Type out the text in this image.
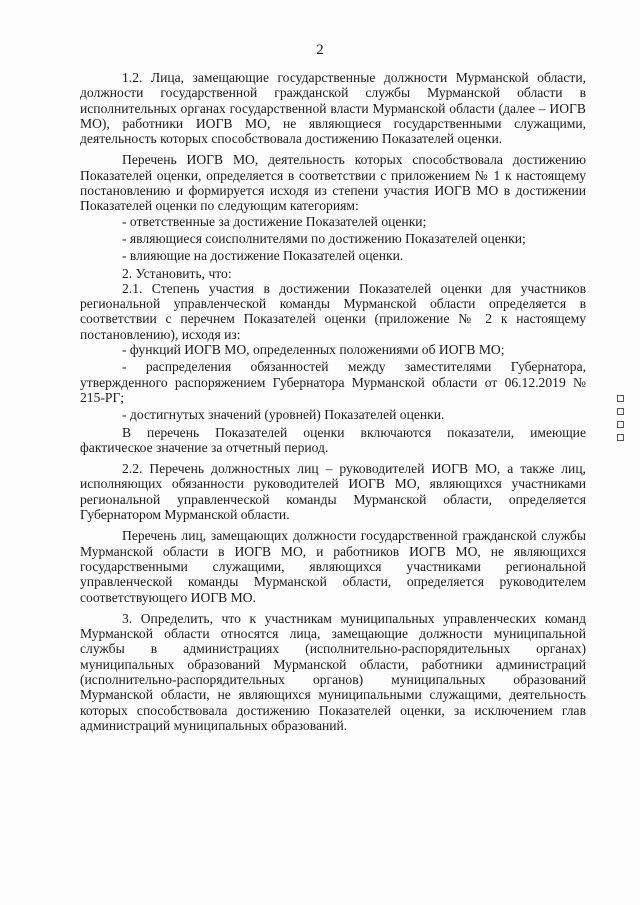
2

1.2. Лица, замещающие государственные должности Мурманской области, должности государственной гражданской службы Мурманской области в исполнительных органах государственной власти Мурманской области (далее – ИОГВ МО), работники ИОГВ МО, не являющиеся государственными служащими, деятельность которых способствовала достижению Показателей оценки.

Перечень ИОГВ МО, деятельность которых способствовала достижению Показателей оценки, определяется в соответствии с приложением № 1 к настоящему постановлению и формируется исходя из степени участия ИОГВ МО в достижении Показателей оценки по следующим категориям:

- ответственные за достижение Показателей оценки;

- являющиеся соисполнителями по достижению Показателей оценки;

- влияющие на достижение Показателей оценки.

2. Установить, что:

2.1. Степень участия в достижении Показателей оценки для участников региональной управленческой команды Мурманской области определяется в соответствии с перечнем Показателей оценки (приложение № 2 к настоящему постановлению), исходя из:

- функций ИОГВ МО, определенных положениями об ИОГВ МО;

- распределения обязанностей между заместителями Губернатора, утвержденного распоряжением Губернатора Мурманской области от 06.12.2019 № 215-РГ;

- достигнутых значений (уровней) Показателей оценки.

В перечень Показателей оценки включаются показатели, имеющие фактическое значение за отчетный период.

2.2. Перечень должностных лиц – руководителей ИОГВ МО, а также лиц, исполняющих обязанности руководителей ИОГВ МО, являющихся участниками региональной управленческой команды Мурманской области, определяется Губернатором Мурманской области.

Перечень лиц, замещающих должности государственной гражданской службы Мурманской области в ИОГВ МО, и работников ИОГВ МО, не являющихся государственными служащими, являющихся участниками региональной управленческой команды Мурманской области, определяется руководителем соответствующего ИОГВ МО.

3. Определить, что к участникам муниципальных управленческих команд Мурманской области относятся лица, замещающие должности муниципальной службы в администрациях (исполнительно-распорядительных органах) муниципальных образований Мурманской области, работники администраций (исполнительно-распорядительных органов) муниципальных образований Мурманской области, не являющихся муниципальными служащими, деятельность которых способствовала достижению Показателей оценки, за исключением глав администраций муниципальных образований.
